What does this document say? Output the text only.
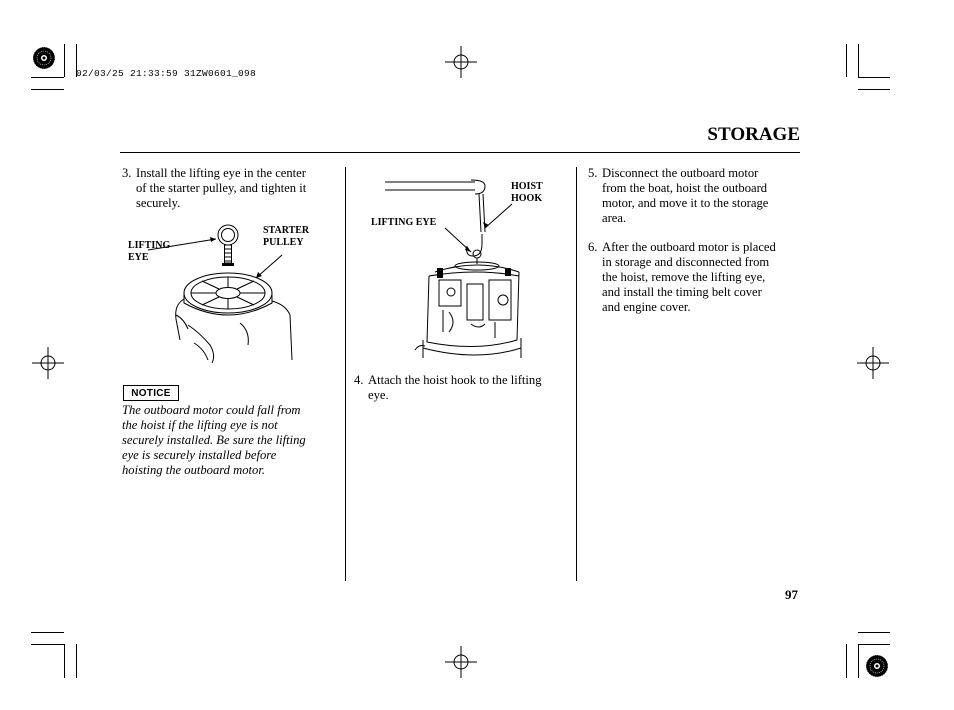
02/03/25 21:33:59 31ZW0601_098
STORAGE
3. Install the lifting eye in the center
of the starter pulley, and tighten it
securely.
LIFTING
EYE
STARTER
PULLEY
NOTICE
The outboard motor could fall from
the hoist if the lifting eye is not
securely installed. Be sure the lifting
eye is securely installed before
hoisting the outboard motor.
HOIST
HOOK
LIFTING EYE
4. Attach the hoist hook to the lifting
eye.
5. Disconnect the outboard motor
from the boat, hoist the outboard
motor, and move it to the storage
area.
6. After the outboard motor is placed
in storage and disconnected from
the hoist, remove the lifting eye,
and install the timing belt cover
and engine cover.
97
